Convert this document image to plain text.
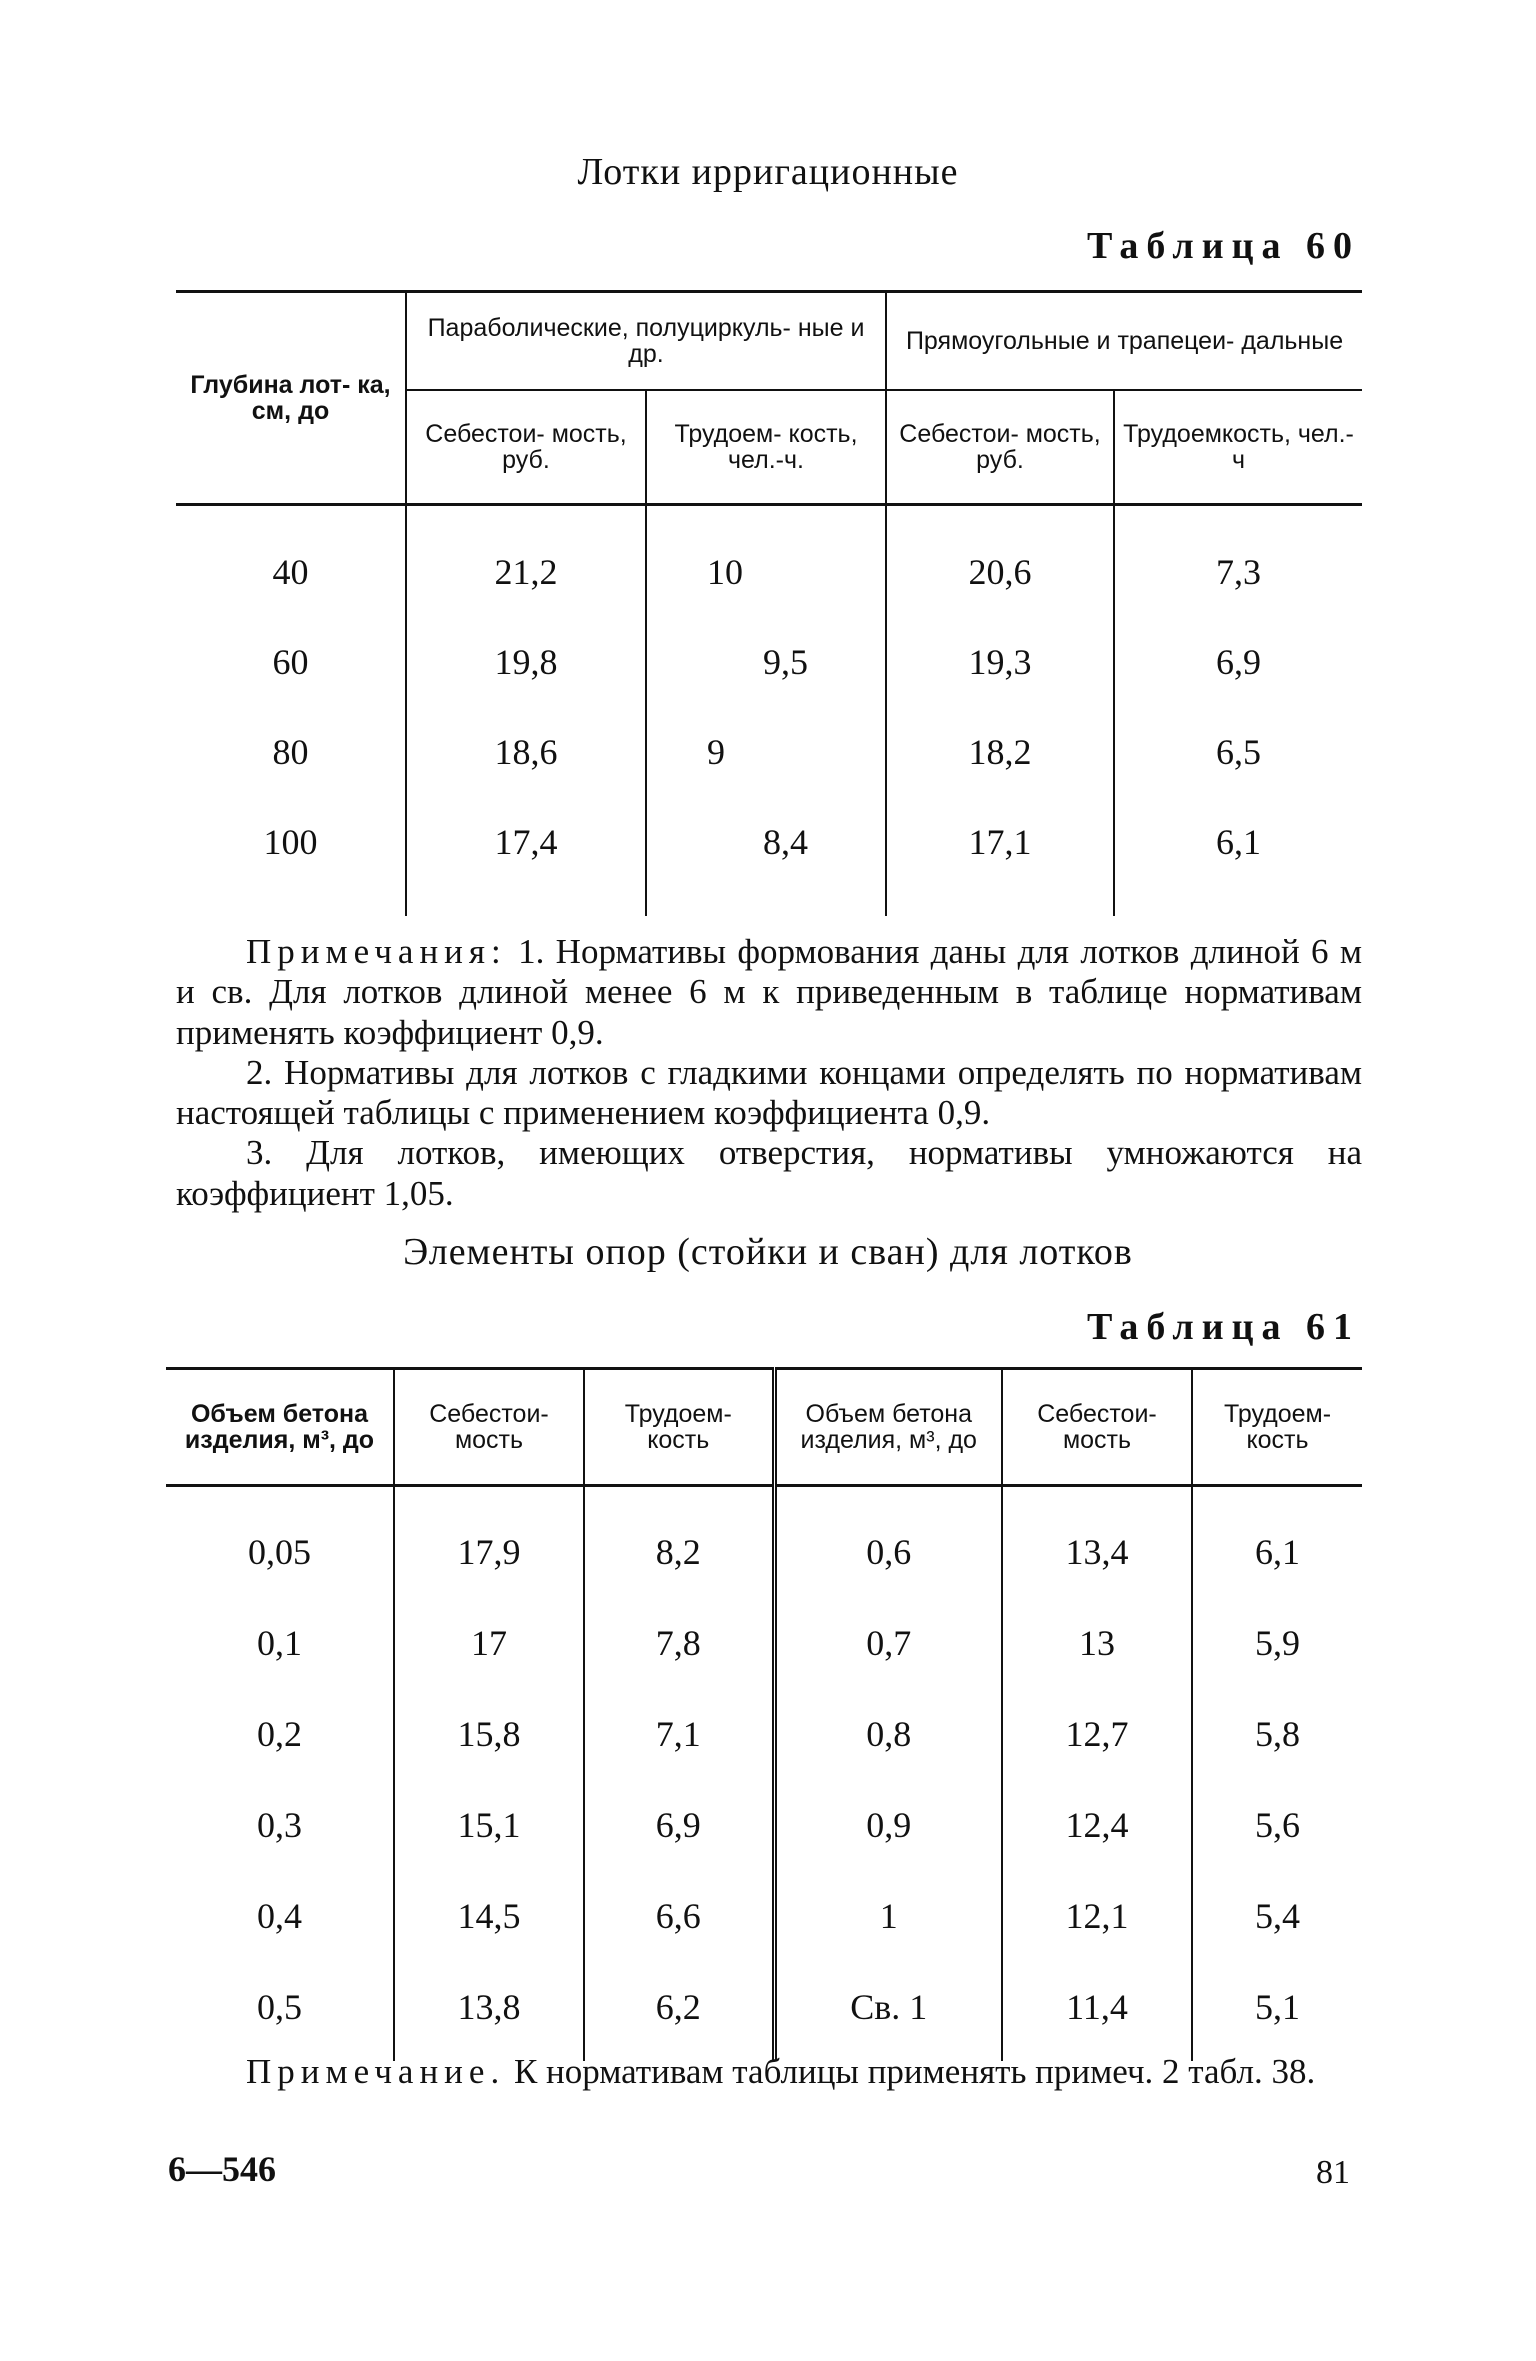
Лотки ирригационные
Таблица 60
Глубина лот- ка, см, до	Параболические, полуциркуль- ные и др.		Прямоугольные и трапецеи- дальные	
	Себестои- мость, руб.	Трудоем- кость, чел.-ч.	Себестои- мость, руб.	Трудоемкость, чел.-ч
40	21,2	10	20,6	7,3
60	19,8	9,5	19,3	6,9
80	18,6	9	18,2	6,5
100	17,4	8,4	17,1	6,1

Примечания: 1. Нормативы формования даны для лотков длиной 6 м и св. Для лотков длиной менее 6 м к приведенным в таблице нормативам применять коэффициент 0,9.

2. Нормативы для лотков с гладкими концами определять по нормативам настоящей таблицы с применением коэффициента 0,9.

3. Для лотков, имеющих отверстия, нормативы умножаются на коэффициент 1,05.

Элементы опор (стойки и сван) для лотков
Таблица 61
Объем бетона изделия, м³, до	Себестои- мость	Трудоем- кость	Объем бетона изделия, м³, до	Себестои- мость	Трудоем- кость
0,05	17,9	8,2	0,6	13,4	6,1
0,1	17	7,8	0,7	13	5,9
0,2	15,8	7,1	0,8	12,7	5,8
0,3	15,1	6,9	0,9	12,4	5,6
0,4	14,5	6,6	1	12,1	5,4
0,5	13,8	6,2	Св. 1	11,4	5,1

Примечание. К нормативам таблицы применять примеч. 2 табл. 38.

6—546	81
